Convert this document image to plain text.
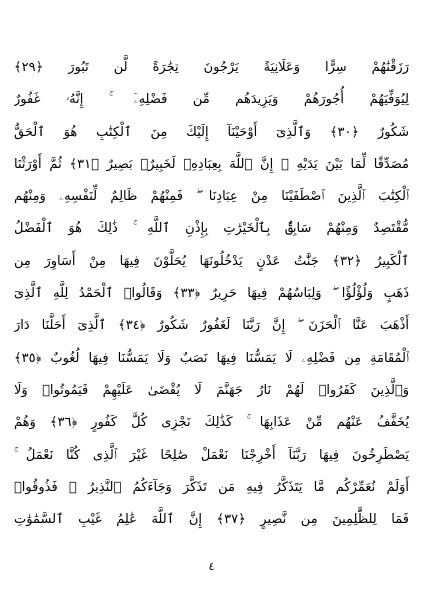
رَزَقْنَٰهُمْ سِرًّا وَعَلَانِيَةً يَرْجُونَ تِجَٰرَةً لَّن تَبُورَ ﴿٢٩﴾
لِيُوَفِّيَهُمْ أُجُورَهُمْ وَيَزِيدَهُم مِّن فَضْلِهِۦٓ ۚ إِنَّهُۥ غَفُورٌ
شَكُورٌ ﴿٣٠﴾ وَٱلَّذِىٓ أَوْحَيْنَآ إِلَيْكَ مِنَ ٱلْكِتَٰبِ هُوَ ٱلْحَقُّ
مُصَدِّقًا لِّمَا بَيْنَ يَدَيْهِ ۗ إِنَّ ٱللَّهَ بِعِبَادِهِۦ لَخَبِيرٌۢ بَصِيرٌ ﴿٣١﴾ ثُمَّ أَوْرَثْنَا
ٱلْكِتَٰبَ ٱلَّذِينَ ٱصْطَفَيْنَا مِنْ عِبَادِنَا ۖ فَمِنْهُمْ ظَالِمٌ لِّنَفْسِهِۦ وَمِنْهُم
مُّقْتَصِدٌ وَمِنْهُمْ سَابِقٌۢ بِٱلْخَيْرَٰتِ بِإِذْنِ ٱللَّهِ ۚ ذَٰلِكَ هُوَ ٱلْفَضْلُ
ٱلْكَبِيرُ ﴿٣٢﴾ جَنَّٰتُ عَدْنٍ يَدْخُلُونَهَا يُحَلَّوْنَ فِيهَا مِنْ أَسَاوِرَ مِن
ذَهَبٍ وَلُؤْلُؤًا ۖ وَلِبَاسُهُمْ فِيهَا حَرِيرٌ ﴿٣٣﴾ وَقَالُوا۟ ٱلْحَمْدُ لِلَّهِ ٱلَّذِىٓ
أَذْهَبَ عَنَّا ٱلْحَزَنَ ۖ إِنَّ رَبَّنَا لَغَفُورٌ شَكُورٌ ﴿٣٤﴾ ٱلَّذِىٓ أَحَلَّنَا دَارَ
ٱلْمُقَامَةِ مِن فَضْلِهِۦ لَا يَمَسُّنَا فِيهَا نَصَبٌ وَلَا يَمَسُّنَا فِيهَا لُغُوبٌ ﴿٣٥﴾
وَٱلَّذِينَ كَفَرُوا۟ لَهُمْ نَارُ جَهَنَّمَ لَا يُقْضَىٰ عَلَيْهِمْ فَيَمُوتُوا۟ وَلَا
يُخَفَّفُ عَنْهُم مِّنْ عَذَابِهَا ۚ كَذَٰلِكَ نَجْزِى كُلَّ كَفُورٍ ﴿٣٦﴾ وَهُمْ
يَصْطَرِخُونَ فِيهَا رَبَّنَآ أَخْرِجْنَا نَعْمَلْ صَٰلِحًا غَيْرَ ٱلَّذِى كُنَّا نَعْمَلُ ۚ
أَوَلَمْ نُعَمِّرْكُم مَّا يَتَذَكَّرُ فِيهِ مَن تَذَكَّرَ وَجَآءَكُمُ ٱلنَّذِيرُ ۖ فَذُوقُوا۟
فَمَا لِلظَّٰلِمِينَ مِن نَّصِيرٍ ﴿٣٧﴾ إِنَّ ٱللَّهَ عَٰلِمُ غَيْبِ ٱلسَّمَٰوَٰتِ
٤
